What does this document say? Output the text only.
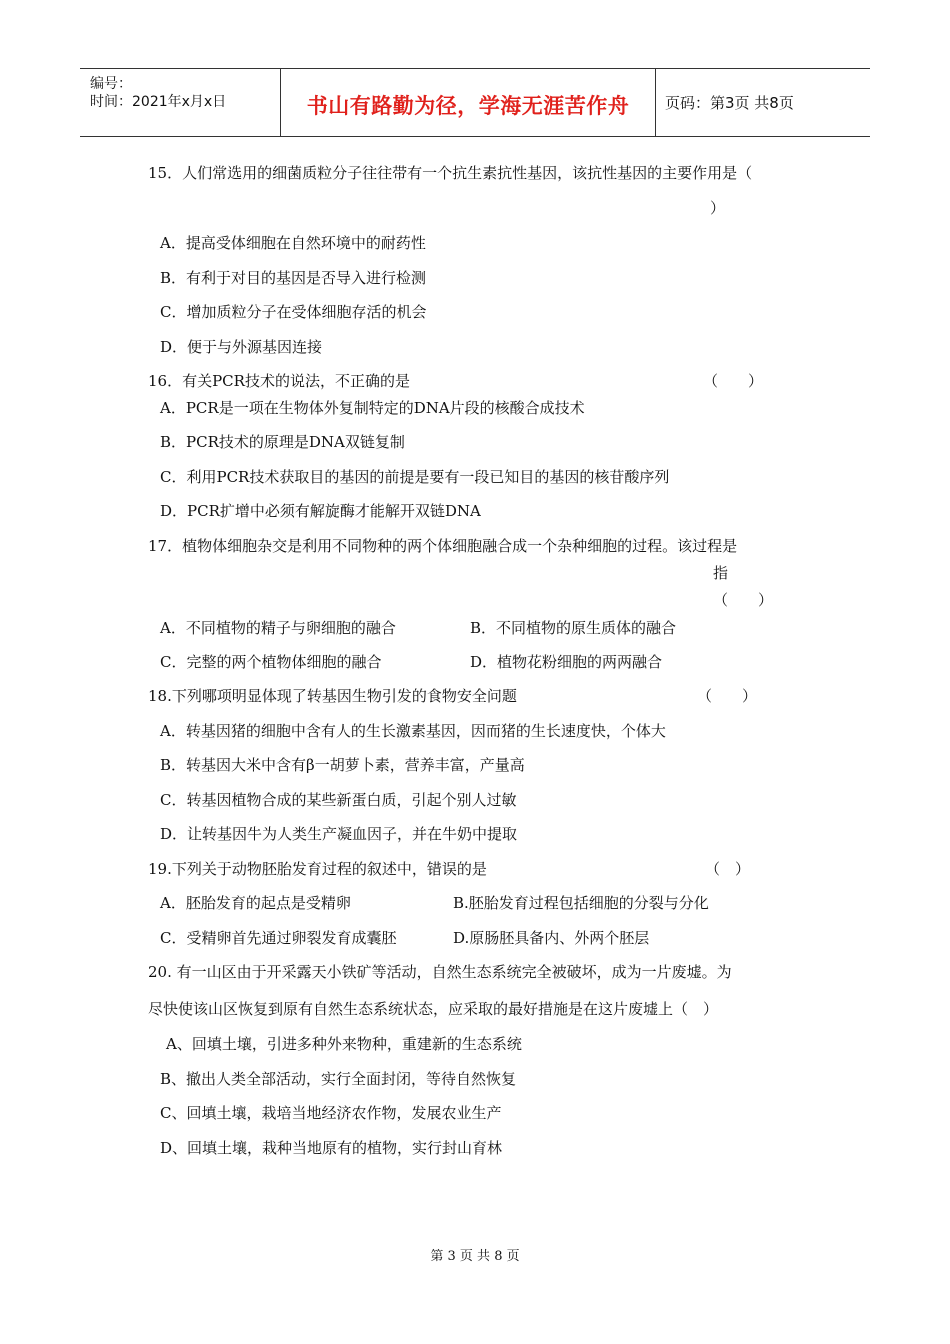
编号：
时间：2021年x月x日	书山有路勤为径，学海无涯苦作舟 页码：第3页 共8页
15．人们常选用的细菌质粒分子往往带有一个抗生素抗性基因，该抗性基因的主要作用是（
）
A．提高受体细胞在自然环境中的耐药性
B．有利于对目的基因是否导入进行检测
C．增加质粒分子在受体细胞存活的机会
D．便于与外源基因连接
16．有关PCR技术的说法，不正确的是	（　　）
A．PCR是一项在生物体外复制特定的DNA片段的核酸合成技术
B．PCR技术的原理是DNA双链复制
C．利用PCR技术获取目的基因的前提是要有一段已知目的基因的核苷酸序列
D．PCR扩增中必须有解旋酶才能解开双链DNA
17．植物体细胞杂交是利用不同物种的两个体细胞融合成一个杂种细胞的过程。该过程是
指
（　　）
A．不同植物的精子与卵细胞的融合	B．不同植物的原生质体的融合
C．完整的两个植物体细胞的融合	D．植物花粉细胞的两两融合
18.下列哪项明显体现了转基因生物引发的食物安全问题	（　　）
A．转基因猪的细胞中含有人的生长激素基因，因而猪的生长速度快，个体大
B．转基因大米中含有β一胡萝卜素，营养丰富，产量高
C．转基因植物合成的某些新蛋白质，引起个别人过敏
D．让转基因牛为人类生产凝血因子，并在牛奶中提取
19.下列关于动物胚胎发育过程的叙述中，错误的是	（　）
A．胚胎发育的起点是受精卵	B.胚胎发育过程包括细胞的分裂与分化
C．受精卵首先通过卵裂发育成囊胚	D.原肠胚具备内、外两个胚层
20. 有一山区由于开采露天小铁矿等活动，自然生态系统完全被破坏，成为一片废墟。为
尽快使该山区恢复到原有自然生态系统状态，应采取的最好措施是在这片废墟上（　）
A、回填土壤，引进多种外来物种，重建新的生态系统
B、撤出人类全部活动，实行全面封闭，等待自然恢复
C、回填土壤，栽培当地经济农作物，发展农业生产
D、回填土壤，栽种当地原有的植物，实行封山育林
第 3 页 共 8 页
